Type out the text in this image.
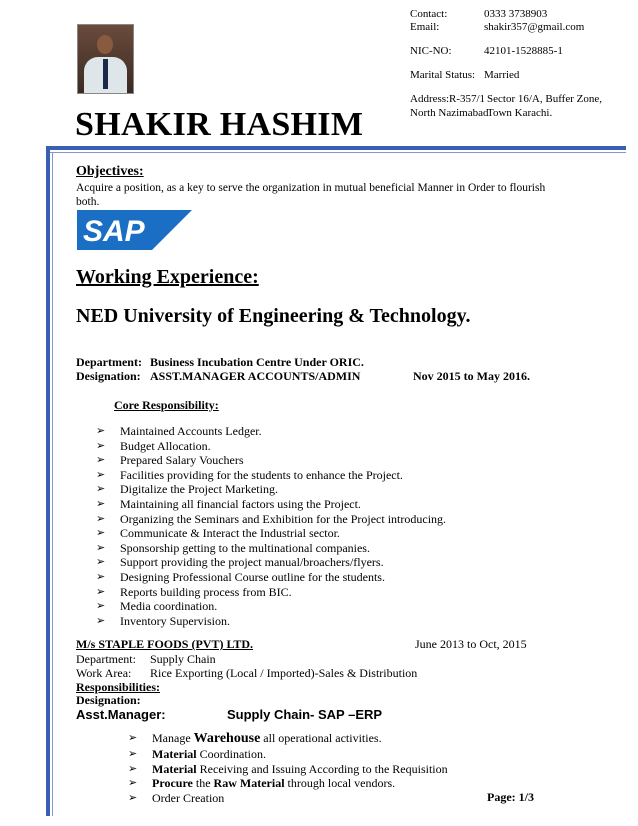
Contact:	0333 3738903
Email:	shakir357@gmail.com
NIC-NO:	42101-1528885-1
Marital Status: Married
Address: R-357/1 Sector 16/A, Buffer Zone,
North Nazimabad
Town Karachi.
SHAKIR HASHIM
Objectives:
Acquire a position, as a key to serve the organization in mutual beneficial Manner in Order to flourish both.
SAP ®
Working Experience:
NED University of Engineering & Technology.
Department: Business Incubation Centre Under ORIC.
Designation: ASST.MANAGER ACCOUNTS/ADMIN	Nov 2015 to May 2016.
Core Responsibility:
➢ Maintained Accounts Ledger.
➢ Budget Allocation.
➢ Prepared Salary Vouchers
➢ Facilities providing for the students to enhance the Project.
➢ Digitalize the Project Marketing.
➢ Maintaining all financial factors using the Project.
➢ Organizing the Seminars and Exhibition for the Project introducing.
➢ Communicate & Interact the Industrial sector.
➢ Sponsorship getting to the multinational companies.
➢ Support providing the project manual/broachers/flyers.
➢ Designing Professional Course outline for the students.
➢ Reports building process from BIC.
➢ Media coordination.
➢ Inventory Supervision.
M/s STAPLE FOODS (PVT) LTD.	June 2013 to Oct, 2015
Department: Supply Chain
Work Area: Rice Exporting (Local / Imported)-Sales & Distribution
Responsibilities:
Designation:
Asst.Manager:	Supply Chain- SAP –ERP
➢ Manage Warehouse all operational activities.
➢ Material Coordination.
➢ Material Receiving and Issuing According to the Requisition
➢ Procure the Raw Material through local vendors.
➢ Order Creation	Page: 1/3
